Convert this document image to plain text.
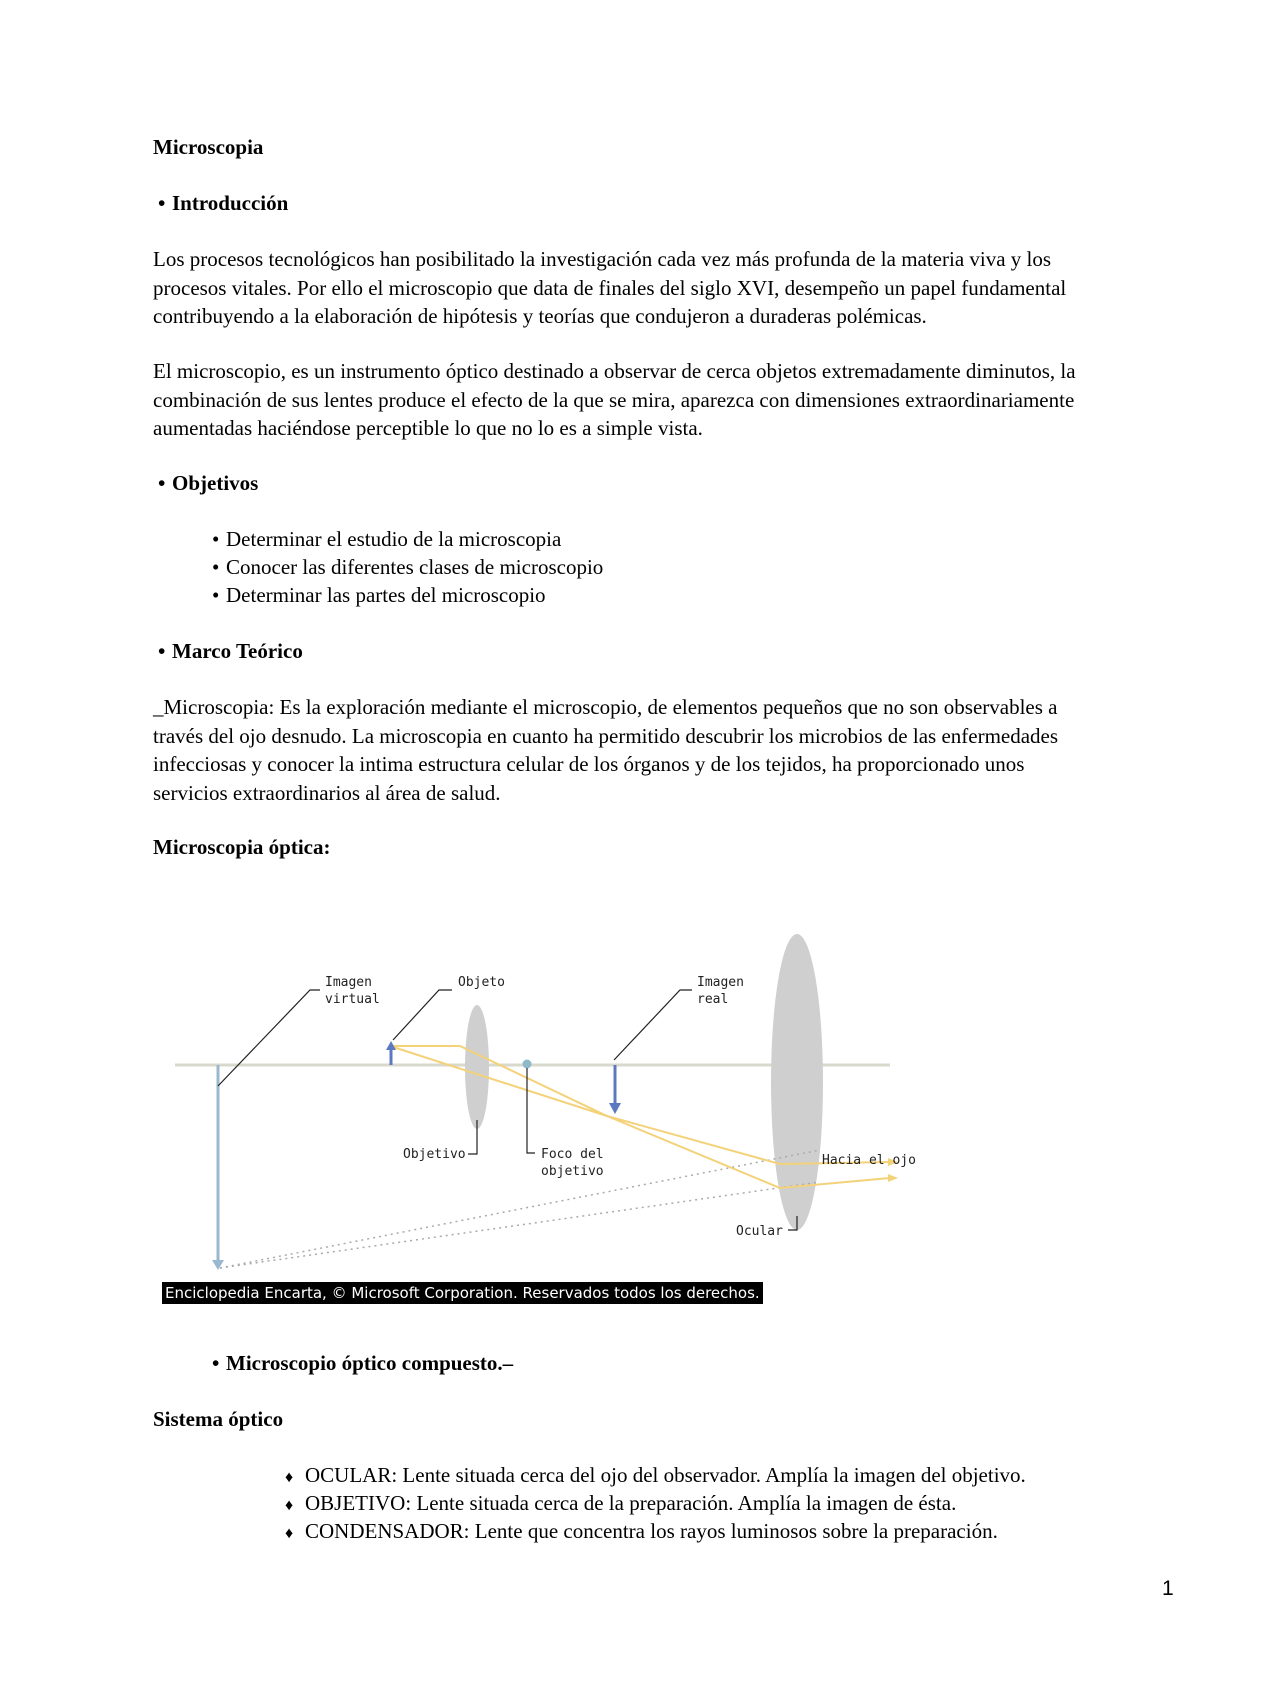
Microscopia

• Introducción

Los procesos tecnológicos han posibilitado la investigación cada vez más profunda de la materia viva y los
procesos vitales. Por ello el microscopio que data de finales del siglo XVI, desempeño un papel fundamental
contribuyendo a la elaboración de hipótesis y teorías que condujeron a duraderas polémicas.
El microscopio, es un instrumento óptico destinado a observar de cerca objetos extremadamente diminutos, la
combinación de sus lentes produce el efecto de la que se mira, aparezca con dimensiones extraordinariamente
aumentadas haciéndose perceptible lo que no lo es a simple vista.

• Objetivos

• Determinar el estudio de la microscopia

• Conocer las diferentes clases de microscopio

• Determinar las partes del microscopio

• Marco Teórico

_Microscopia: Es la exploración mediante el microscopio, de elementos pequeños que no son observables a
través del ojo desnudo. La microscopia en cuanto ha permitido descubrir los microbios de las enfermedades
infecciosas y conocer la intima estructura celular de los órganos y de los tejidos, ha proporcionado unos
servicios extraordinarios al área de salud.

Microscopia óptica:

Imagen
virtual
Objeto	Imagen
real
Objetivo	Foco del
objetivo
Hacia el ojo
Ocular
Enciclopedia Encarta, © Microsoft Corporation. Reservados todos los derechos.

• Microscopio óptico compuesto.–

Sistema óptico

♦ OCULAR: Lente situada cerca del ojo del observador. Amplía la imagen del objetivo.

♦ OBJETIVO: Lente situada cerca de la preparación. Amplía la imagen de ésta.

♦ CONDENSADOR: Lente que concentra los rayos luminosos sobre la preparación.

1
